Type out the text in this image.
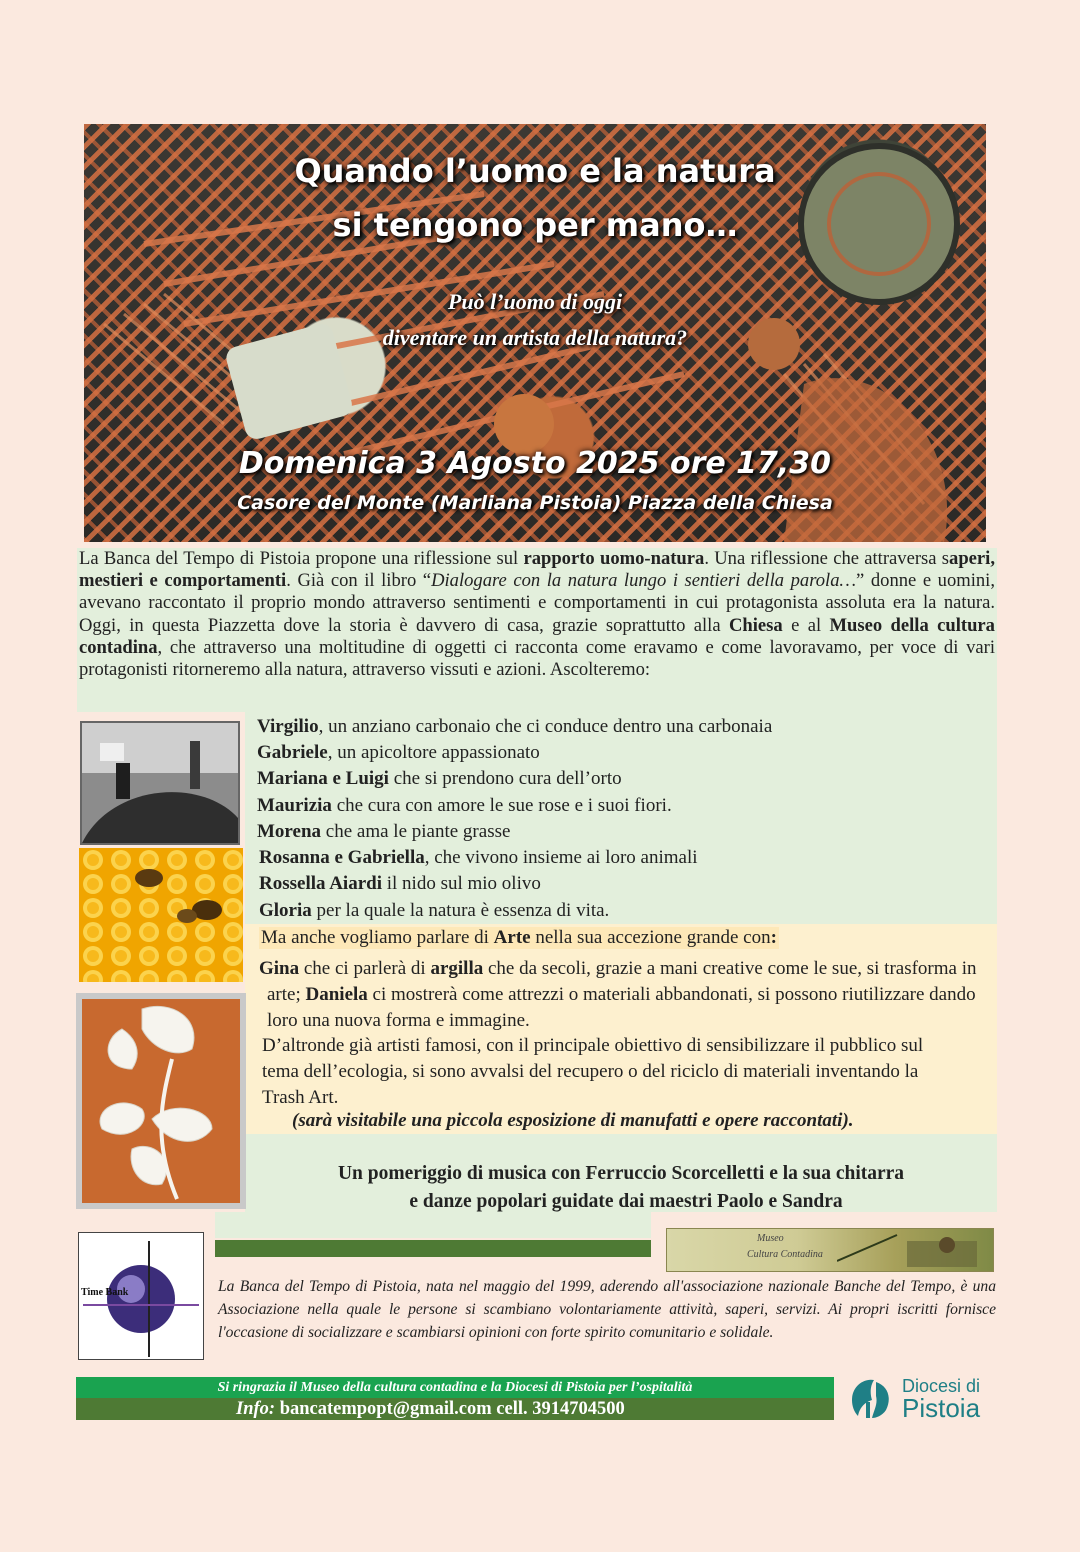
Quando l’uomo e la natura
si tengono per mano…
Può l’uomo di oggi
diventare un artista della natura?
Domenica 3 Agosto 2025 ore 17,30
Casore del Monte (Marliana Pistoia) Piazza della Chiesa

La Banca del Tempo di Pistoia propone una riflessione sul rapporto uomo-natura. Una riflessione che attraversa saperi, mestieri e comportamenti. Già con il libro “Dialogare con la natura lungo i sentieri della parola…” donne e uomini, avevano raccontato il proprio mondo attraverso sentimenti e comportamenti in cui protagonista assoluta era la natura. Oggi, in questa Piazzetta dove la storia è davvero di casa, grazie soprattutto alla Chiesa e al Museo della cultura contadina, che attraverso una moltitudine di oggetti ci racconta come eravamo e come lavoravamo, per voce di vari protagonisti ritorneremo alla natura, attraverso vissuti e azioni. Ascolteremo:

Virgilio, un anziano carbonaio che ci conduce dentro una carbonaia
Gabriele, un apicoltore appassionato
Mariana e Luigi che si prendono cura dell’orto
Maurizia che cura con amore le sue rose e i suoi fiori.
Morena che ama le piante grasse
Rosanna e Gabriella, che vivono insieme ai loro animali
Rossella Aiardi il nido sul mio olivo
Gloria per la quale la natura è essenza di vita.
Ma anche vogliamo parlare di Arte nella sua accezione grande con:
Gina che ci parlerà di argilla che da secoli, grazie a mani creative come le sue, si trasforma in arte; Daniela ci mostrerà come attrezzi o materiali abbandonati, si possono riutilizzare dando loro una nuova forma e immagine.
D’altronde già artisti famosi, con il principale obiettivo di sensibilizzare il pubblico sul tema dell’ecologia, si sono avvalsi del recupero o del riciclo di materiali inventando la Trash Art.
(sarà visitabile una piccola esposizione di manufatti e opere raccontati).
Un pomeriggio di musica con Ferruccio Scorcelletti e la sua chitarra
e danze popolari guidate dai maestri Paolo e Sandra
Time Bank
Museo
Cultura Contadina
La Banca del Tempo di Pistoia, nata nel maggio del 1999, aderendo all'associazione nazionale Banche del Tempo, è una Associazione nella quale le persone si scambiano volontariamente attività, saperi, servizi. Ai propri iscritti fornisce l'occasione di socializzare e scambiarsi opinioni con forte spirito comunitario e solidale.
Si ringrazia il Museo della cultura contadina e la Diocesi di Pistoia per l’ospitalità
Info: bancatempopt@gmail.com cell. 3914704500
Diocesi di
Pistoia
